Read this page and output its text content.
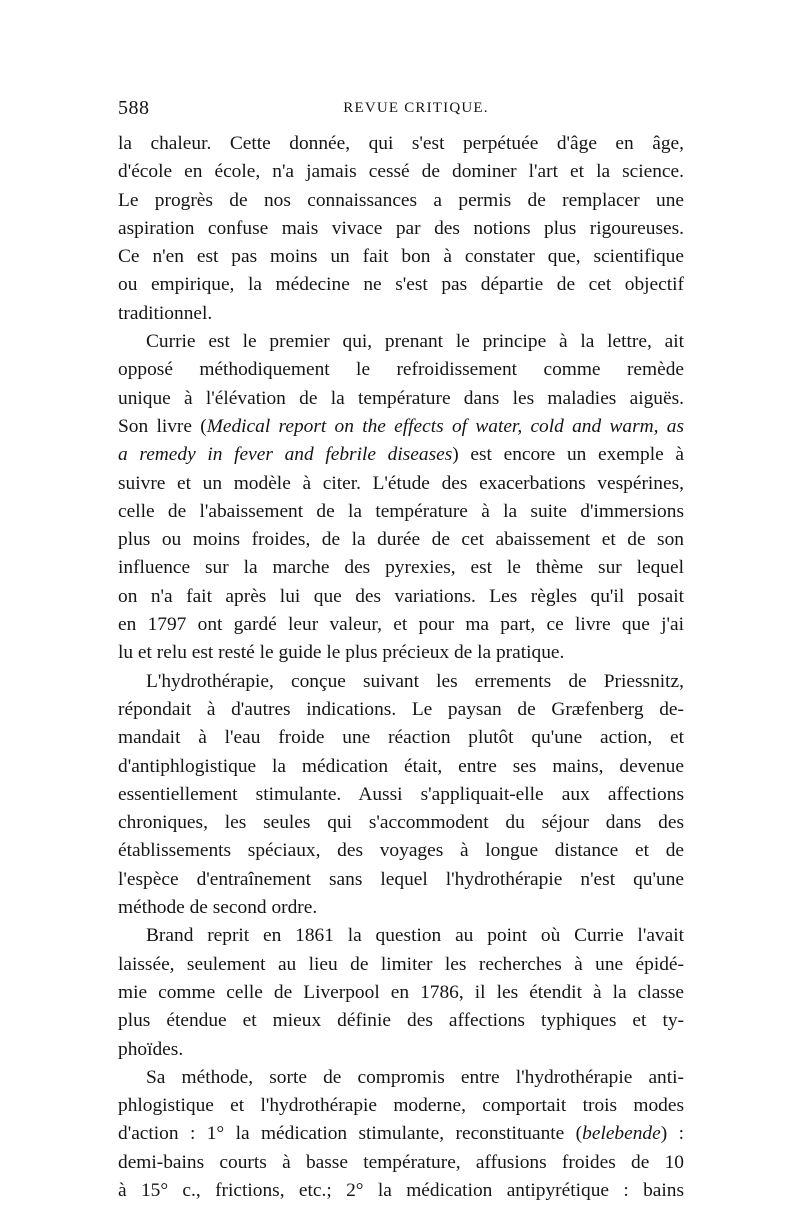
588	REVUE CRITIQUE.

la chaleur. Cette donnée, qui s'est perpétuée d'âge en âge,
d'école en école, n'a jamais cessé de dominer l'art et la science.
Le progrès de nos connaissances a permis de remplacer une
aspiration confuse mais vivace par des notions plus rigoureuses.
Ce n'en est pas moins un fait bon à constater que, scientifique
ou empirique, la médecine ne s'est pas départie de cet objectif
traditionnel.

Currie est le premier qui, prenant le principe à la lettre, ait
opposé méthodiquement le refroidissement comme remède
unique à l'élévation de la température dans les maladies aiguës.
Son livre (Medical report on the effects of water, cold and warm, as
a remedy in fever and febrile diseases) est encore un exemple à
suivre et un modèle à citer. L'étude des exacerbations vespérines,
celle de l'abaissement de la température à la suite d'immersions
plus ou moins froides, de la durée de cet abaissement et de son
influence sur la marche des pyrexies, est le thème sur lequel
on n'a fait après lui que des variations. Les règles qu'il posait
en 1797 ont gardé leur valeur, et pour ma part, ce livre que j'ai
lu et relu est resté le guide le plus précieux de la pratique.

L'hydrothérapie, conçue suivant les errements de Priessnitz,
répondait à d'autres indications. Le paysan de Græfenberg de-
mandait à l'eau froide une réaction plutôt qu'une action, et
d'antiphlogistique la médication était, entre ses mains, devenue
essentiellement stimulante. Aussi s'appliquait-elle aux affections
chroniques, les seules qui s'accommodent du séjour dans des
établissements spéciaux, des voyages à longue distance et de
l'espèce d'entraînement sans lequel l'hydrothérapie n'est qu'une
méthode de second ordre.

Brand reprit en 1861 la question au point où Currie l'avait
laissée, seulement au lieu de limiter les recherches à une épidé-
mie comme celle de Liverpool en 1786, il les étendit à la classe
plus étendue et mieux définie des affections typhiques et ty-
phoïdes.

Sa méthode, sorte de compromis entre l'hydrothérapie anti-
phlogistique et l'hydrothérapie moderne, comportait trois modes
d'action : 1° la médication stimulante, reconstituante (belebende) :
demi-bains courts à basse température, affusions froides de 10
à 15° c., frictions, etc.; 2° la médication antipyrétique : bains
